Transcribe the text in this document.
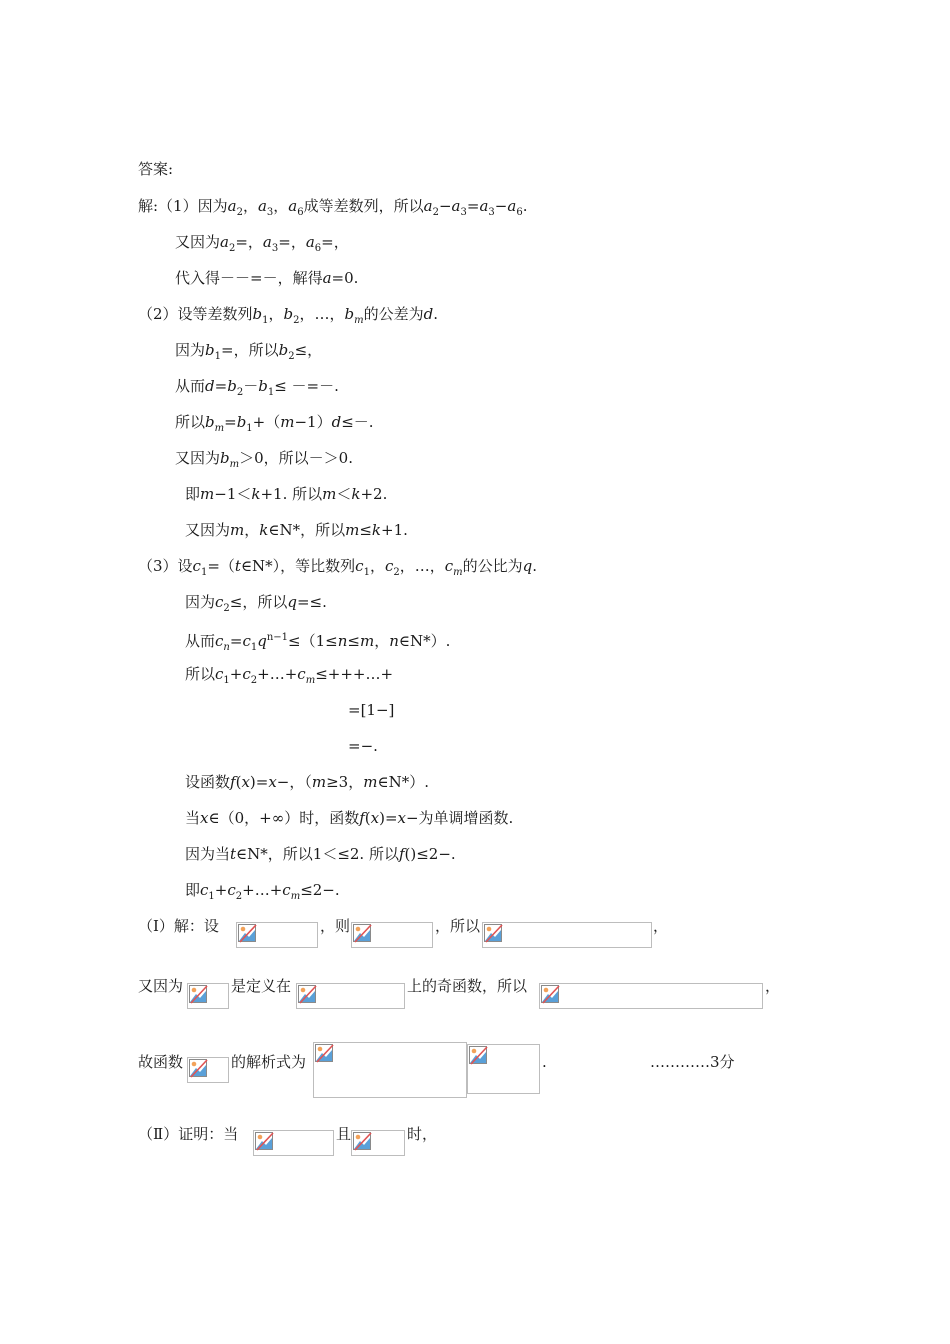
答案:
解:（1）因为$a_2$，$a_3$，$a_6$成等差数列，所以$a_2-a_3=a_3-a_6$.
又因为$a_2=$，$a_3=$，$a_6=$，
代入得－－=－，解得a=0.
（2）设等差数列$b_1$，$b_2$，…，$b_m$的公差为d.
因为$b_1=$，所以$b_2\le$，
从而$d=b_2-b_1\le$ －=－.
所以$b_m=b_1+(m-1)d\le-$.
又因为$b_m>0$，所以－＞0.
即m−1＜k+1. 所以m＜k+2.
又因为m，k∈N*，所以m≤k+1.
（3）设$c_1=(t\in N*)$，等比数列$c_1$，$c_2$，…，$c_m$的公比为q.
因为$c_2\le$，所以q=≤.
从而$c_n=c_1q^{n-1}\le(1\le n\le m$，n∈N*）.
所以$c_1+c_2+\dots+c_m\le+++\dots+$
=[1−]
=−.
设函数f(x)=x−，（m≥3，m∈N*）.
当x∈（0，+∞）时，函数f(x)=x−为单调增函数.
因为当t∈N*，所以1＜≤2. 所以f()≤2−.
即$c_1+c_2+\dots+c_m\le 2-$.
（Ⅰ）解：设	，则	，所以	，
又因为	是定义在	上的奇函数，所以	，
故函数	的解析式为	.	…………3分
（Ⅱ）证明：当	且	时，
